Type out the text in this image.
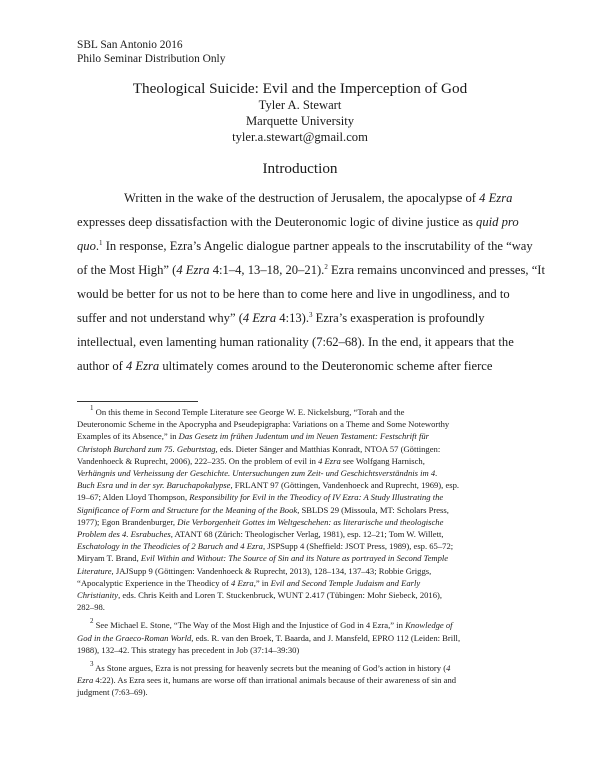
SBL San Antonio 2016
Philo Seminar Distribution Only
Theological Suicide: Evil and the Imperception of God
Tyler A. Stewart
Marquette University
tyler.a.stewart@gmail.com
Introduction
Written in the wake of the destruction of Jerusalem, the apocalypse of 4 Ezra
expresses deep dissatisfaction with the Deuteronomic logic of divine justice as quid pro
quo.$^1$ In response, Ezra’s Angelic dialogue partner appeals to the inscrutability of the “way
of the Most High” (4 Ezra 4:1–4, 13–18, 20–21).$^2$ Ezra remains unconvinced and presses, “It
would be better for us not to be here than to come here and live in ungodliness, and to
suffer and not understand why” (4 Ezra 4:13).$^3$ Ezra’s exasperation is profoundly
intellectual, even lamenting human rationality (7:62–68). In the end, it appears that the
author of 4 Ezra ultimately comes around to the Deuteronomic scheme after fierce
$^1$ On this theme in Second Temple Literature see George W. E. Nickelsburg, “Torah and the
Deuteronomic Scheme in the Apocrypha and Pseudepigrapha: Variations on a Theme and Some Noteworthy
Examples of its Absence,” in Das Gesetz im frühen Judentum und im Neuen Testament: Festschrift für
Christoph Burchard zum 75. Geburtstag, eds. Dieter Sänger and Matthias Konradt, NTOA 57 (Göttingen:
Vandenhoeck & Ruprecht, 2006), 222–235. On the problem of evil in 4 Ezra see Wolfgang Harnisch,
Verhängnis und Verheissung der Geschichte. Untersuchungen zum Zeit- und Geschichtsverständnis im 4.
Buch Esra und in der syr. Baruchapokalypse, FRLANT 97 (Göttingen, Vandenhoeck and Ruprecht, 1969), esp.
19–67; Alden Lloyd Thompson, Responsibility for Evil in the Theodicy of IV Ezra: A Study Illustrating the
Significance of Form and Structure for the Meaning of the Book, SBLDS 29 (Missoula, MT: Scholars Press,
1977); Egon Brandenburger, Die Verborgenheit Gottes im Weltgeschehen: as literarische und theologische
Problem des 4. Esrabuches, ATANT 68 (Zürich: Theologischer Verlag, 1981), esp. 12–21; Tom W. Willett,
Eschatology in the Theodicies of 2 Baruch and 4 Ezra, JSPSupp 4 (Sheffield: JSOT Press, 1989), esp. 65–72;
Miryam T. Brand, Evil Within and Without: The Source of Sin and its Nature as portrayed in Second Temple
Literature, JAJSupp 9 (Göttingen: Vandenhoeck & Ruprecht, 2013), 128–134, 137–43; Robbie Griggs,
“Apocalyptic Experience in the Theodicy of 4 Ezra,” in Evil and Second Temple Judaism and Early
Christianity, eds. Chris Keith and Loren T. Stuckenbruck, WUNT 2.417 (Tübingen: Mohr Siebeck, 2016),
282–98.
$^2$ See Michael E. Stone, “The Way of the Most High and the Injustice of God in 4 Ezra,” in Knowledge of
God in the Graeco-Roman World, eds. R. van den Broek, T. Baarda, and J. Mansfeld, EPRO 112 (Leiden: Brill,
1988), 132–42. This strategy has precedent in Job (37:14–39:30)
$^3$ As Stone argues, Ezra is not pressing for heavenly secrets but the meaning of God’s action in history (4
Ezra 4:22). As Ezra sees it, humans are worse off than irrational animals because of their awareness of sin and
judgment (7:63–69).
